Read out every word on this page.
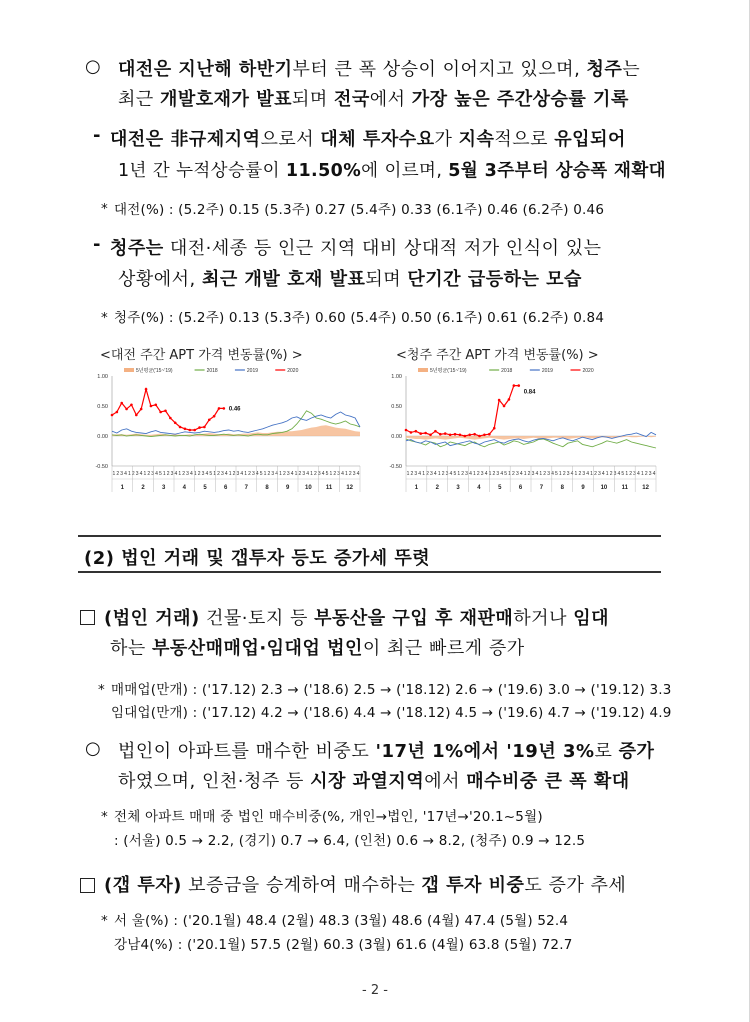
○ 대전은 지난해 하반기부터 큰 폭 상승이 이어지고 있으며, 청주는
최근 개발호재가 발표되며 전국에서 가장 높은 주간상승률 기록
- 대전은 非규제지역으로서 대체 투자수요가 지속적으로 유입되어
1년 간 누적상승률이 11.50%에 이르며, 5월 3주부터 상승폭 재확대
* 대전(%) : (5.2주) 0.15 (5.3주) 0.27 (5.4주) 0.33 (6.1주) 0.46 (6.2주) 0.46
- 청주는 대전·세종 등 인근 지역 대비 상대적 저가 인식이 있는
상황에서, 최근 개발 호재 발표되며 단기간 급등하는 모습
* 청주(%) : (5.2주) 0.13 (5.3주) 0.60 (5.4주) 0.50 (6.1주) 0.61 (6.2주) 0.84
<대전 주간 APT 가격 변동률(%) >	<청주 주간 APT 가격 변동률(%) >
1.00
0.50
0.00
-0.50
0.46
5년평균('15~'19)	2018	2019	2020
1 2 3 4 1 2 3 4 1 2 3 4 5 1 2 3 4 1 2 3 4 1 2 3 4 5 1 2 3 4 1 2 3 4 1 2 3 4 5 1 2 3 4 1 2 3 4 1 2 3 4 1 2 3 4 5 1 2 3 4 1 2 3 4
1	2	3	4	5	6	7	8	9	10 11 12
1.00
0.50
0.00
-0.50
0.84
5년평균('15~'19)	2018	2019	2020
1 2 3 4 1 2 3 4 1 2 3 4 5 1 2 3 4 1 2 3 4 1 2 3 4 5 1 2 3 4 1 2 3 4 1 2 3 4 5 1 2 3 4 1 2 3 4 1 2 3 4 1 2 3 4 5 1 2 3 4 1 2 3 4
1	2	3	4	5	6	7	8	9	10 11 12
(2) 법인 거래 및 갭투자 등도 증가세 뚜렷
(법인 거래) 건물·토지 등 부동산을 구입 후 재판매하거나 임대
하는 부동산매매업·임대업 법인이 최근 빠르게 증가
* 매매업(만개) : ('17.12) 2.3 → ('18.6) 2.5 → ('18.12) 2.6 → ('19.6) 3.0 → ('19.12) 3.3
임대업(만개) : ('17.12) 4.2 → ('18.6) 4.4 → ('18.12) 4.5 → ('19.6) 4.7 → ('19.12) 4.9
○ 법인이 아파트를 매수한 비중도 '17년 1%에서 '19년 3%로 증가
하였으며, 인천·청주 등 시장 과열지역에서 매수비중 큰 폭 확대
* 전체 아파트 매매 중 법인 매수비중(%, 개인→법인, '17년→'20.1~5월)
: (서울) 0.5 → 2.2, (경기) 0.7 → 6.4, (인천) 0.6 → 8.2, (청주) 0.9 → 12.5
(갭 투자) 보증금을 승계하여 매수하는 갭 투자 비중도 증가 추세
* 서 울(%) : ('20.1월) 48.4 (2월) 48.3 (3월) 48.6 (4월) 47.4 (5월) 52.4
강남4(%) : ('20.1월) 57.5 (2월) 60.3 (3월) 61.6 (4월) 63.8 (5월) 72.7
- 2 -
